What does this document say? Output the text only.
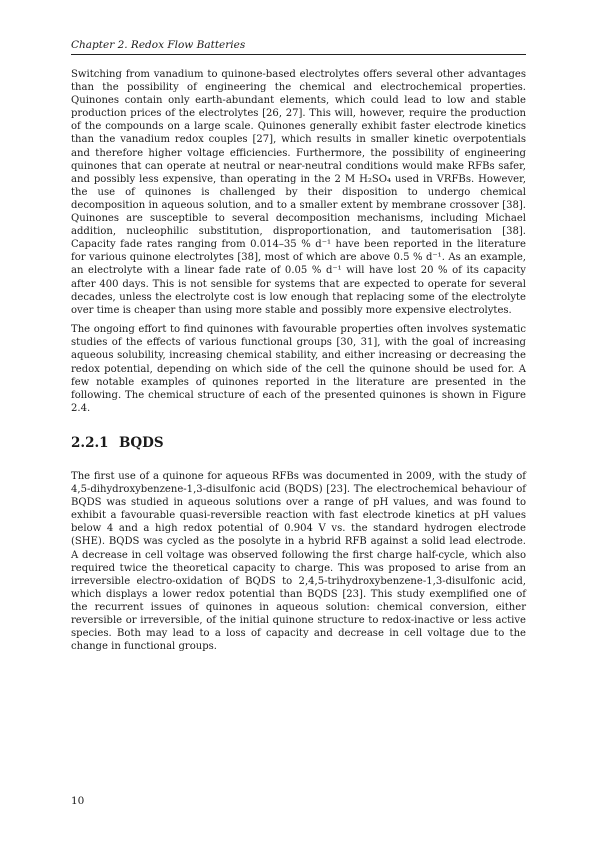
Chapter 2. Redox Flow Batteries

Switching from vanadium to quinone-based electrolytes offers several other advantages than the possibility of engineering the chemical and electrochemical properties. Quinones contain only earth-abundant elements, which could lead to low and stable production prices of the electrolytes [26, 27]. This will, however, require the production of the compounds on a large scale. Quinones generally exhibit faster electrode kinetics than the vanadium redox couples [27], which results in smaller kinetic overpotentials and therefore higher voltage efficiencies. Furthermore, the possibility of engineering quinones that can operate at neutral or near-neutral conditions would make RFBs safer, and possibly less expensive, than operating in the 2 M H₂SO₄ used in VRFBs. However, the use of quinones is challenged by their disposition to undergo chemical decomposition in aqueous solution, and to a smaller extent by membrane crossover [38]. Quinones are susceptible to several decomposition mechanisms, including Michael addition, nucleophilic substitution, disproportionation, and tautomerisation [38]. Capacity fade rates ranging from 0.014–35 % d⁻¹ have been reported in the literature for various quinone electrolytes [38], most of which are above 0.5 % d⁻¹. As an example, an electrolyte with a linear fade rate of 0.05 % d⁻¹ will have lost 20 % of its capacity after 400 days. This is not sensible for systems that are expected to operate for several decades, unless the electrolyte cost is low enough that replacing some of the electrolyte over time is cheaper than using more stable and possibly more expensive electrolytes.

The ongoing effort to find quinones with favourable properties often involves systematic studies of the effects of various functional groups [30, 31], with the goal of increasing aqueous solubility, increasing chemical stability, and either increasing or decreasing the redox potential, depending on which side of the cell the quinone should be used for. A few notable examples of quinones reported in the literature are presented in the following. The chemical structure of each of the presented quinones is shown in Figure 2.4.

2.2.1 BQDS

The first use of a quinone for aqueous RFBs was documented in 2009, with the study of 4,5-dihydroxybenzene-1,3-disulfonic acid (BQDS) [23]. The electrochemical behaviour of BQDS was studied in aqueous solutions over a range of pH values, and was found to exhibit a favourable quasi-reversible reaction with fast electrode kinetics at pH values below 4 and a high redox potential of 0.904 V vs. the standard hydrogen electrode (SHE). BQDS was cycled as the posolyte in a hybrid RFB against a solid lead electrode. A decrease in cell voltage was observed following the first charge half-cycle, which also required twice the theoretical capacity to charge. This was proposed to arise from an irreversible electro-oxidation of BQDS to 2,4,5-trihydroxybenzene-1,3-disulfonic acid, which displays a lower redox potential than BQDS [23]. This study exemplified one of the recurrent issues of quinones in aqueous solution: chemical conversion, either reversible or irreversible, of the initial quinone structure to redox-inactive or less active species. Both may lead to a loss of capacity and decrease in cell voltage due to the change in functional groups.

10
